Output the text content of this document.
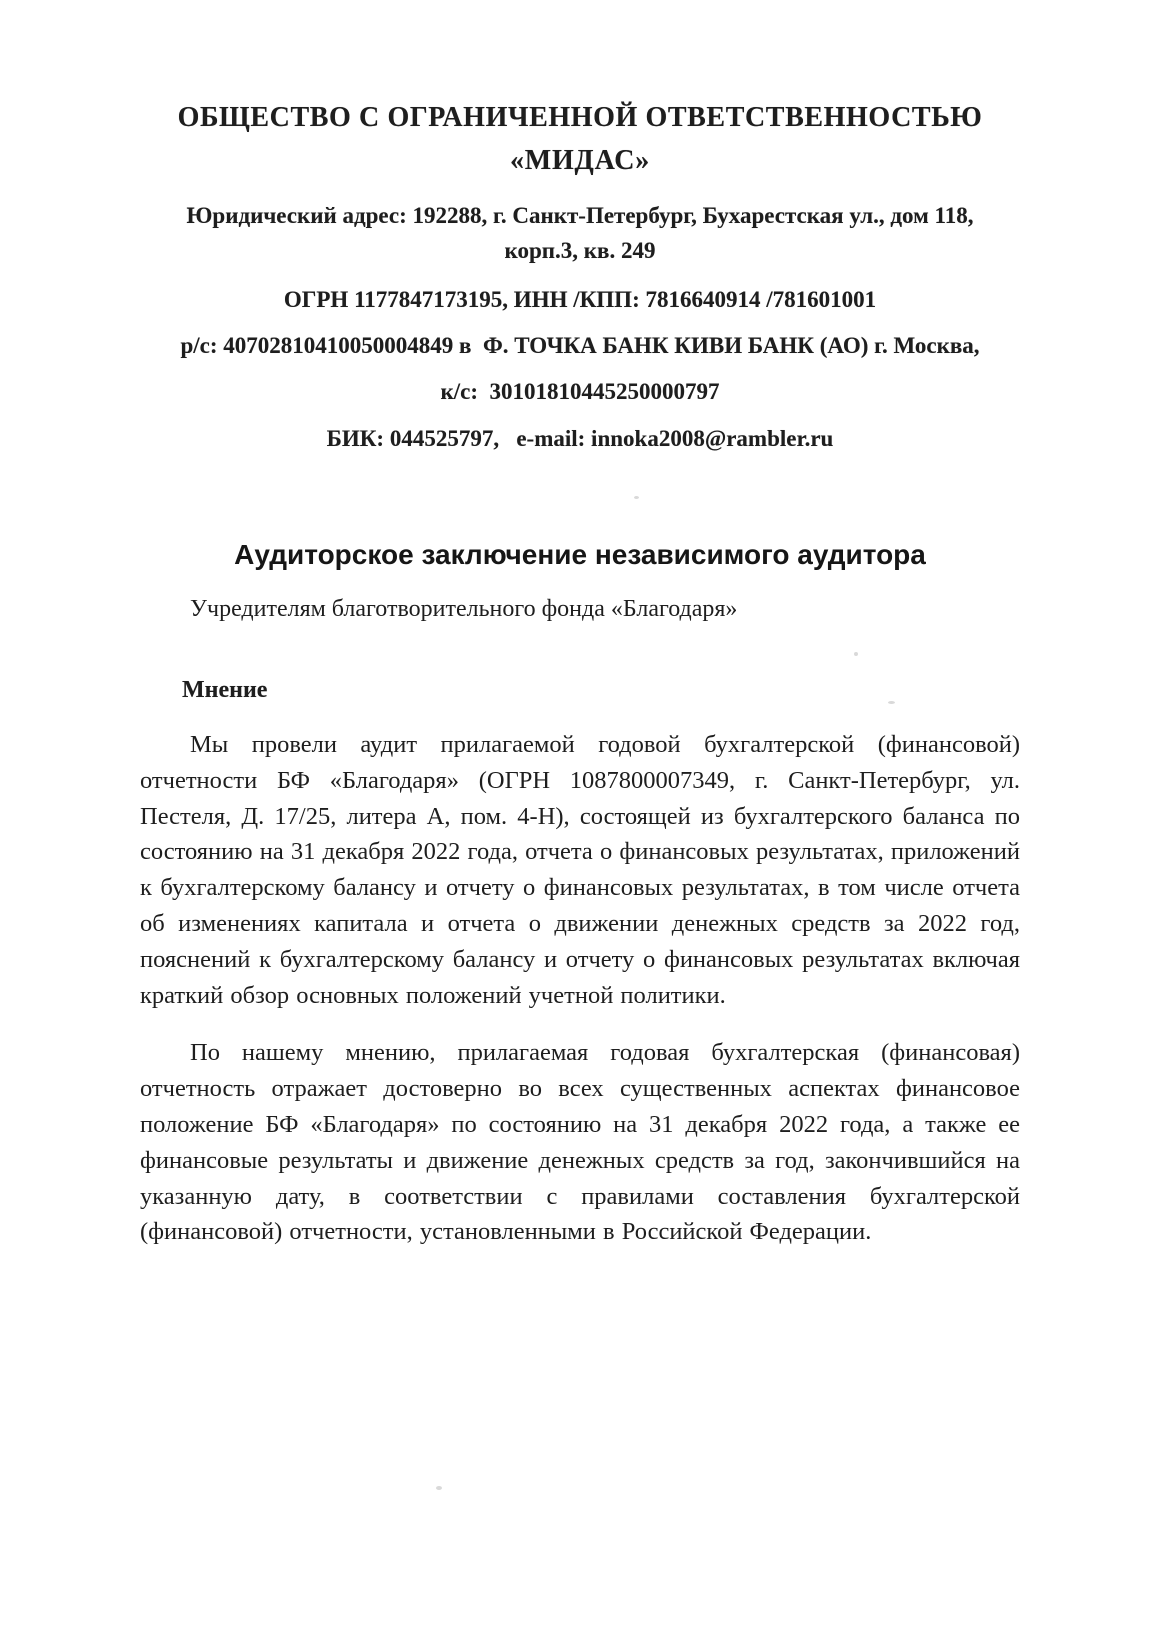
ОБЩЕСТВО С ОГРАНИЧЕННОЙ ОТВЕТСТВЕННОСТЬЮ
«МИДАС»
Юридический адрес: 192288, г. Санкт-Петербург, Бухарестская ул., дом 118,
корп.3, кв. 249
ОГРН 1177847173195, ИНН /КПП: 7816640914 /781601001
р/с: 40702810410050004849 в  Ф. ТОЧКА БАНК КИВИ БАНК (АО) г. Москва,
к/с:  30101810445250000797
БИК: 044525797,   e-mail: innoka2008@rambler.ru
Аудиторское заключение независимого аудитора

Учредителям благотворительного фонда «Благодаря»

Мнение

Мы провели аудит прилагаемой годовой бухгалтерской (финансовой) отчетности БФ «Благодаря» (ОГРН 1087800007349, г. Санкт-Петербург, ул. Пестеля, Д. 17/25, литера А, пом. 4-Н), состоящей из бухгалтерского баланса по состоянию на 31 декабря 2022 года, отчета о финансовых результатах, приложений к бухгалтерскому балансу и отчету о финансовых результатах, в том числе отчета об изменениях капитала и отчета о движении денежных средств за 2022 год, пояснений к бухгалтерскому балансу и отчету о финансовых результатах включая краткий обзор основных положений учетной политики.

По нашему мнению, прилагаемая годовая бухгалтерская (финансовая) отчетность отражает достоверно во всех существенных аспектах финансовое положение БФ «Благодаря» по состоянию на 31 декабря 2022 года, а также ее финансовые результаты и движение денежных средств за год, закончившийся на указанную дату, в соответствии с правилами составления бухгалтерской (финансовой) отчетности, установленными в Российской Федерации.
